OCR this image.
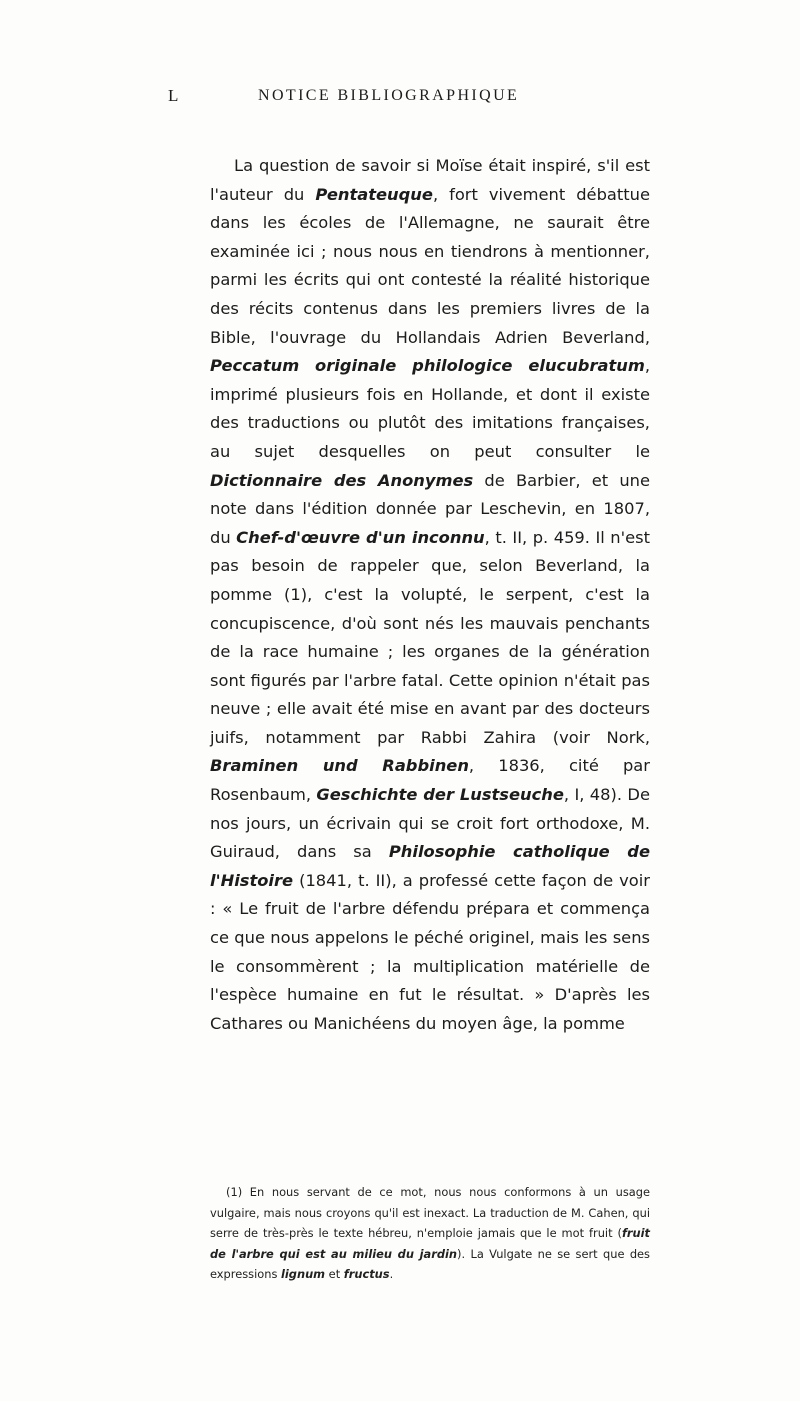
L	NOTICE BIBLIOGRAPHIQUE

La question de savoir si Moïse était inspiré, s'il est l'auteur du Pentateuque, fort vivement débattue dans les écoles de l'Allemagne, ne saurait être examinée ici ; nous nous en tiendrons à mentionner, parmi les écrits qui ont contesté la réalité historique des récits contenus dans les premiers livres de la Bible, l'ouvrage du Hollandais Adrien Beverland, Peccatum originale philologice elucubratum, imprimé plusieurs fois en Hollande, et dont il existe des traductions ou plutôt des imitations françaises, au sujet desquelles on peut consulter le Dictionnaire des Anonymes de Barbier, et une note dans l'édition donnée par Leschevin, en 1807, du Chef-d'œuvre d'un inconnu, t. II, p. 459. Il n'est pas besoin de rappeler que, selon Beverland, la pomme (1), c'est la volupté, le serpent, c'est la concupiscence, d'où sont nés les mauvais penchants de la race humaine ; les organes de la génération sont figurés par l'arbre fatal. Cette opinion n'était pas neuve ; elle avait été mise en avant par des docteurs juifs, notamment par Rabbi Zahira (voir Nork, Braminen und Rabbinen, 1836, cité par Rosenbaum, Geschichte der Lustseuche, I, 48). De nos jours, un écrivain qui se croit fort orthodoxe, M. Guiraud, dans sa Philosophie catholique de l'Histoire (1841, t. II), a professé cette façon de voir : « Le fruit de l'arbre défendu prépara et commença ce que nous appelons le péché originel, mais les sens le consommèrent ; la multiplication matérielle de l'espèce humaine en fut le résultat. » D'après les Cathares ou Manichéens du moyen âge, la pomme

(1) En nous servant de ce mot, nous nous conformons à un usage vulgaire, mais nous croyons qu'il est inexact. La traduction de M. Cahen, qui serre de très-près le texte hébreu, n'emploie jamais que le mot fruit (fruit de l'arbre qui est au milieu du jardin). La Vulgate ne se sert que des expressions lignum et fructus.
